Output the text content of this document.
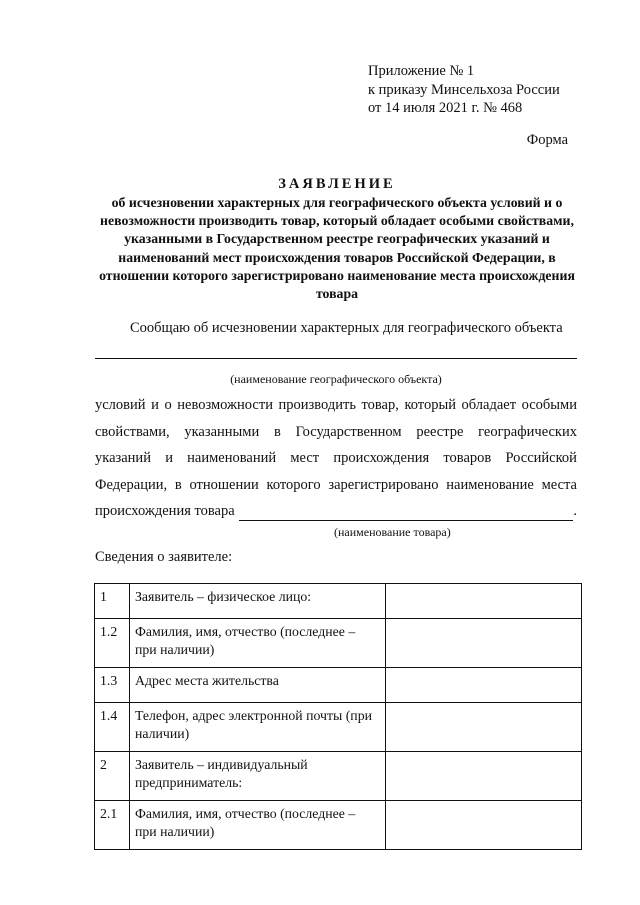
Приложение № 1
к приказу Минсельхоза России
от 14 июля 2021 г. № 468
Форма
ЗАЯВЛЕНИЕ
об исчезновении характерных для географического объекта условий и о невозможности производить товар, который обладает особыми свойствами, указанными в Государственном реестре географических указаний и наименований мест происхождения товаров Российской Федерации, в отношении которого зарегистрировано наименование места происхождения товара
Сообщаю об исчезновении характерных для географического объекта
(наименование географического объекта)
условий и о невозможности производить товар, который обладает особыми
свойствами, указанными в Государственном реестре географических
указаний и наименований мест происхождения товаров Российской
Федерации, в отношении которого зарегистрировано наименование места
происхождения товара	.
(наименование товара)
Сведения о заявителе:
1	Заявитель – физическое лицо:	
1.2	Фамилия, имя, отчество (последнее – при наличии)	
1.3	Адрес места жительства	
1.4	Телефон, адрес электронной почты (при наличии)	
2	Заявитель – индивидуальный предприниматель:	
2.1	Фамилия, имя, отчество (последнее – при наличии)	
